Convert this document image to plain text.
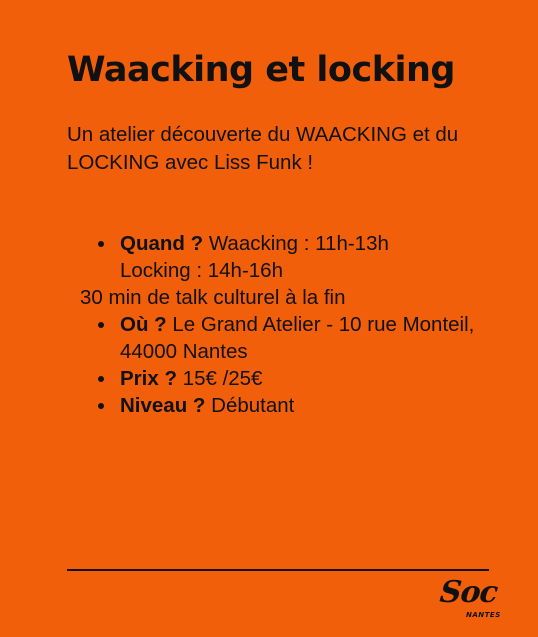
Waacking et locking

Un atelier découverte du WAACKING et du LOCKING avec Liss Funk !

Quand ? Waacking : 11h-13h
Locking : 14h-16h

30 min de talk culturel à la fin

Où ? Le Grand Atelier - 10 rue Monteil, 44000 Nantes
Prix ? 15€ /25€
Niveau ? Débutant
Soc
NANTES
